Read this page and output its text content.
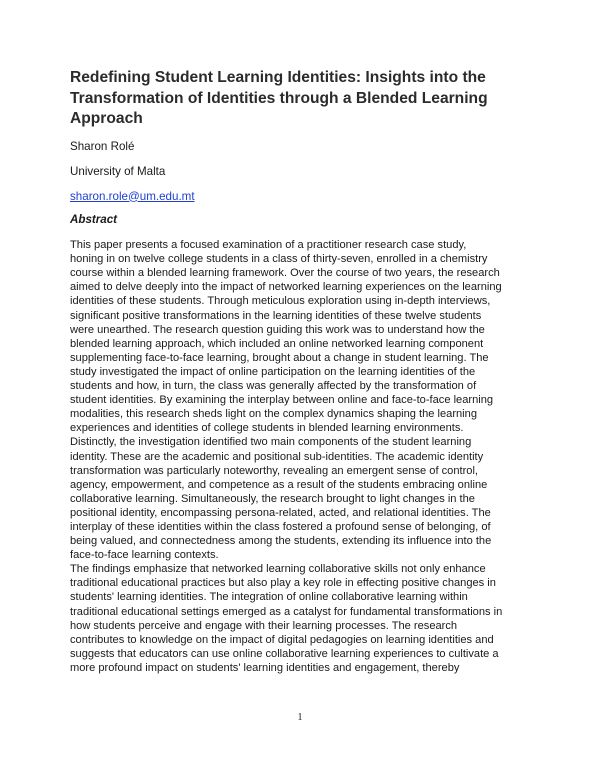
Redefining Student Learning Identities: Insights into the
Transformation of Identities through a Blended Learning
Approach

Sharon Rolé

University of Malta

sharon.role@um.edu.mt

Abstract

This paper presents a focused examination of a practitioner research case study,
honing in on twelve college students in a class of thirty-seven, enrolled in a chemistry
course within a blended learning framework. Over the course of two years, the research
aimed to delve deeply into the impact of networked learning experiences on the learning
identities of these students. Through meticulous exploration using in-depth interviews,
significant positive transformations in the learning identities of these twelve students
were unearthed. The research question guiding this work was to understand how the
blended learning approach, which included an online networked learning component
supplementing face-to-face learning, brought about a change in student learning. The
study investigated the impact of online participation on the learning identities of the
students and how, in turn, the class was generally affected by the transformation of
student identities. By examining the interplay between online and face-to-face learning
modalities, this research sheds light on the complex dynamics shaping the learning
experiences and identities of college students in blended learning environments.
Distinctly, the investigation identified two main components of the student learning
identity. These are the academic and positional sub-identities. The academic identity
transformation was particularly noteworthy, revealing an emergent sense of control,
agency, empowerment, and competence as a result of the students embracing online
collaborative learning. Simultaneously, the research brought to light changes in the
positional identity, encompassing persona-related, acted, and relational identities. The
interplay of these identities within the class fostered a profound sense of belonging, of
being valued, and connectedness among the students, extending its influence into the
face-to-face learning contexts.

The findings emphasize that networked learning collaborative skills not only enhance
traditional educational practices but also play a key role in effecting positive changes in
students' learning identities. The integration of online collaborative learning within
traditional educational settings emerged as a catalyst for fundamental transformations in
how students perceive and engage with their learning processes. The research
contributes to knowledge on the impact of digital pedagogies on learning identities and
suggests that educators can use online collaborative learning experiences to cultivate a
more profound impact on students' learning identities and engagement, thereby

1
